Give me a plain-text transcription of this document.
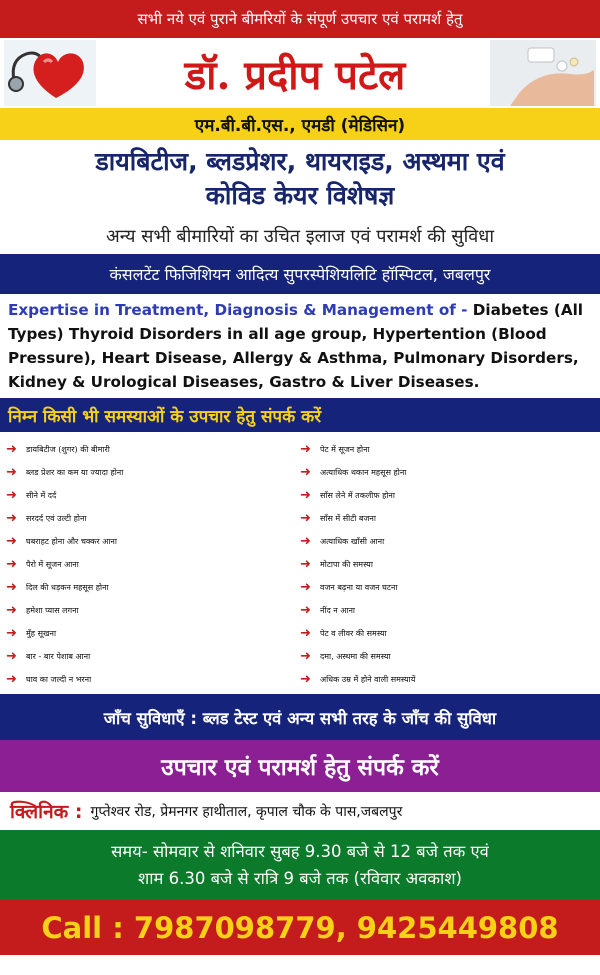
सभी नये एवं पुराने बीमरियों के संपूर्ण उपचार एवं परामर्श हेतु
डॉ. प्रदीप पटेल
एम.बी.बी.एस., एमडी (मेडिसिन)
डायबिटीज, ब्लडप्रेशर, थायराइड, अस्थमा एवं
कोविड केयर विशेषज्ञ
अन्य सभी बीमारियों का उचित इलाज एवं परामर्श की सुविधा
कंसलटेंट फिजिशियन आदित्य सुपरस्पेशियलिटि हॉस्पिटल, जबलपुर
Expertise in Treatment, Diagnosis & Management of - Diabetes (All Types) Thyroid Disorders in all age group, Hypertention (Blood Pressure), Heart Disease, Allergy & Asthma, Pulmonary Disorders, Kidney & Urological Diseases, Gastro & Liver Diseases.
निम्न किसी भी समस्याओं के उपचार हेतु संपर्क करें
➜	डायबिटीज (शुगर) की बीमारी
➜	ब्लड प्रेशर का कम या ज्यादा होना
➜	सीने में दर्द
➜	सरदर्द एवं उल्टी होना
➜	घबराहट होना और चक्कर आना
➜	पैरो में सूजन आना
➜	दिल की धड़कन महसूस होना
➜	हमेशा प्यास लगना
➜	मुँह सूखना
➜	बार - बार पेशाब आना
➜	घाव का जल्दी न भरना
➜	पेट में सूजन होना
➜	अत्याधिक थकान महसूस होना
➜	साँस लेने में तकलीफ होना
➜	साँस में सीटी बजना
➜	अत्याधिक खाँसी आना
➜	मोटापा की समस्या
➜	वजन बढ़ना या वजन घटना
➜	नींद न आना
➜	पेट व लीवर की समस्या
➜	दमा, अस्थमा की समस्या
➜	अधिक उम्र में होने वाली समस्यायें
जाँच सुविधाएँ : ब्लड टेस्ट एवं अन्य सभी तरह के जाँच की सुविधा
उपचार एवं परामर्श हेतु संपर्क करें
क्लिनिक : गुप्तेश्वर रोड, प्रेमनगर हाथीताल, कृपाल चौक के पास,जबलपुर
समय- सोमवार से शनिवार सुबह 9.30 बजे से 12 बजे तक एवं
शाम 6.30 बजे से रात्रि 9 बजे तक (रविवार अवकाश)
Call : 7987098779, 9425449808
